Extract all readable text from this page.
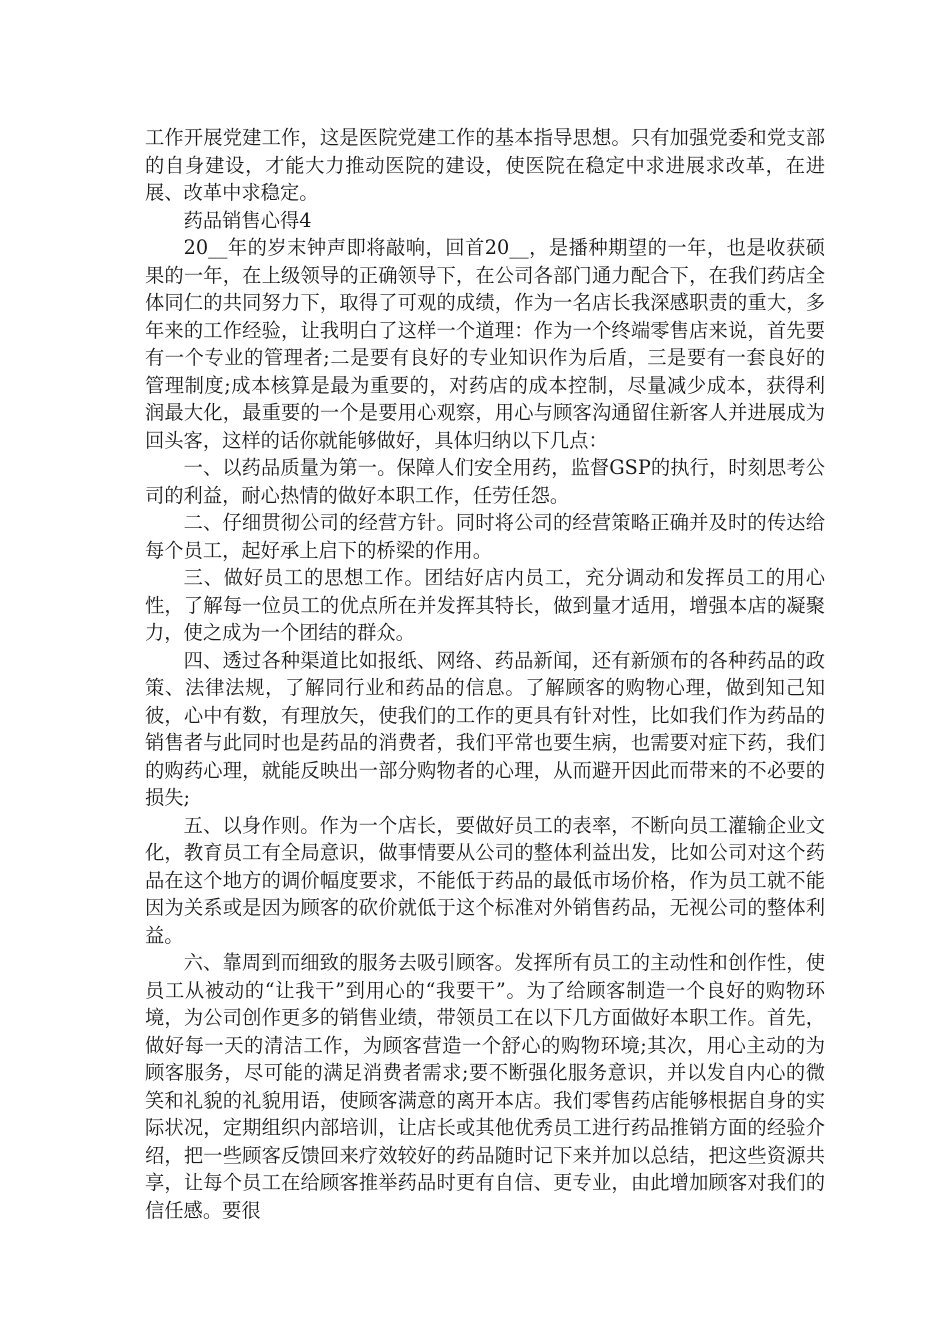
工作开展党建工作，这是医院党建工作的基本指导思想。只有加强党委和党支部的自身建设，才能大力推动医院的建设，使医院在稳定中求进展求改革，在进展、改革中求稳定。

药品销售心得4

20__年的岁末钟声即将敲响，回首20__，是播种期望的一年，也是收获硕果的一年，在上级领导的正确领导下，在公司各部门通力配合下，在我们药店全体同仁的共同努力下，取得了可观的成绩，作为一名店长我深感职责的重大，多年来的工作经验，让我明白了这样一个道理：作为一个终端零售店来说，首先要有一个专业的管理者;二是要有良好的专业知识作为后盾，三是要有一套良好的管理制度;成本核算是最为重要的，对药店的成本控制，尽量减少成本，获得利润最大化，最重要的一个是要用心观察，用心与顾客沟通留住新客人并进展成为回头客，这样的话你就能够做好，具体归纳以下几点：

一、以药品质量为第一。保障人们安全用药，监督GSP的执行，时刻思考公司的利益，耐心热情的做好本职工作，任劳任怨。

二、仔细贯彻公司的经营方针。同时将公司的经营策略正确并及时的传达给每个员工，起好承上启下的桥梁的作用。

三、做好员工的思想工作。团结好店内员工，充分调动和发挥员工的用心性，了解每一位员工的优点所在并发挥其特长，做到量才适用，增强本店的凝聚力，使之成为一个团结的群众。

四、透过各种渠道比如报纸、网络、药品新闻，还有新颁布的各种药品的政策、法律法规，了解同行业和药品的信息。了解顾客的购物心理，做到知己知彼，心中有数，有理放矢，使我们的工作的更具有针对性，比如我们作为药品的销售者与此同时也是药品的消费者，我们平常也要生病，也需要对症下药，我们的购药心理，就能反映出一部分购物者的心理，从而避开因此而带来的不必要的损失;

五、以身作则。作为一个店长，要做好员工的表率，不断向员工灌输企业文化，教育员工有全局意识，做事情要从公司的整体利益出发，比如公司对这个药品在这个地方的调价幅度要求，不能低于药品的最低市场价格，作为员工就不能因为关系或是因为顾客的砍价就低于这个标准对外销售药品，无视公司的整体利益。

六、靠周到而细致的服务去吸引顾客。发挥所有员工的主动性和创作性，使员工从被动的“让我干”到用心的“我要干”。为了给顾客制造一个良好的购物环境，为公司创作更多的销售业绩，带领员工在以下几方面做好本职工作。首先，做好每一天的清洁工作，为顾客营造一个舒心的购物环境;其次，用心主动的为顾客服务，尽可能的满足消费者需求;要不断强化服务意识，并以发自内心的微笑和礼貌的礼貌用语，使顾客满意的离开本店。我们零售药店能够根据自身的实际状况，定期组织内部培训，让店长或其他优秀员工进行药品推销方面的经验介绍，把一些顾客反馈回来疗效较好的药品随时记下来并加以总结，把这些资源共享，让每个员工在给顾客推举药品时更有自信、更专业，由此增加顾客对我们的信任感。要很
